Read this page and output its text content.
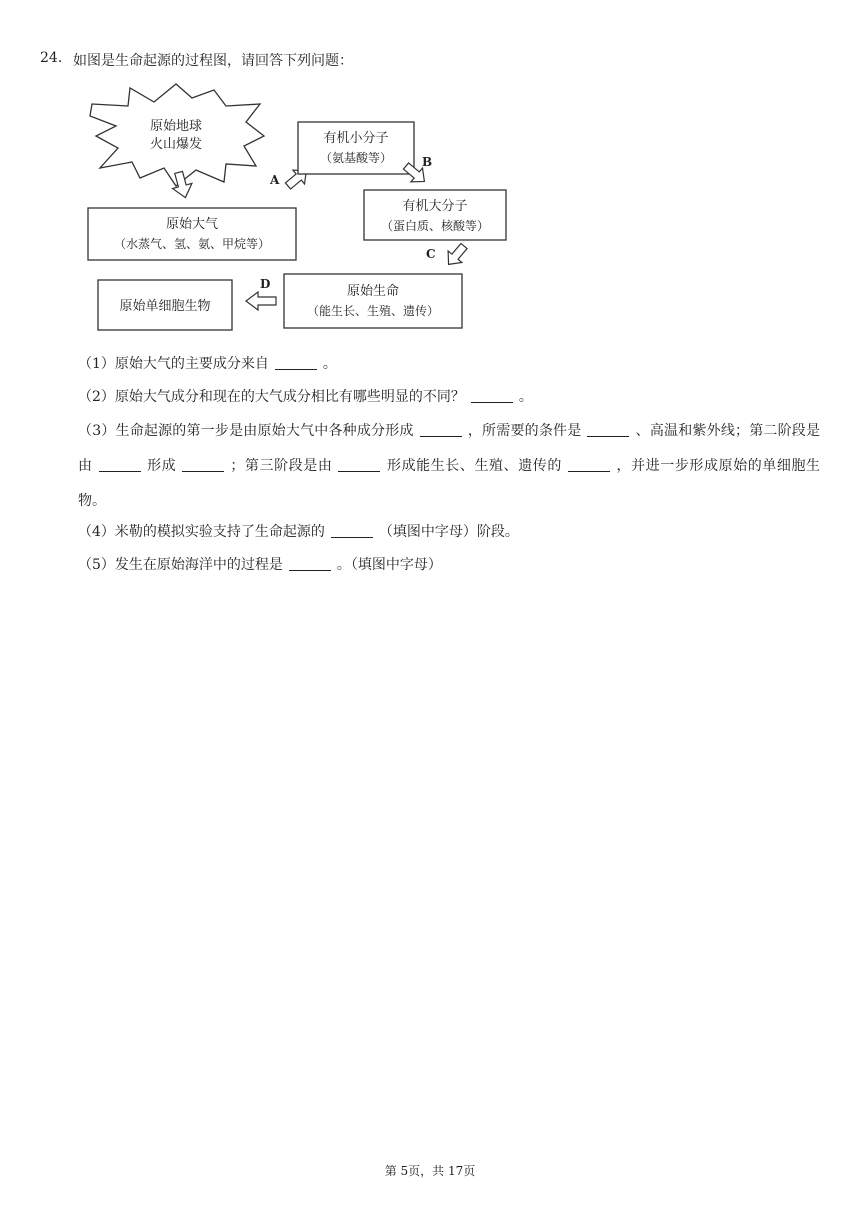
24. 如图是生命起源的过程图，请回答下列问题：
原始地球
火山爆发
原始大气
（水蒸气、氢、氨、甲烷等）
A
有机小分子
（氨基酸等） B
有机大分子
（蛋白质、核酸等）
C
原始生命
（能生长、生殖、遗传）
D
原始单细胞生物
（1）原始大气的主要成分来自	。
（2）原始大气成分和现在的大气成分相比有哪些明显的不同？	。
（3）生命起源的第一步是由原始大气中各种成分形成	，所需要的条件是	、高温和紫外线；第二阶段是由	形成	；第三阶段是由	形成能生长、生殖、遗传的	，并进一步形成原始的单细胞生物。
（4）米勒的模拟实验支持了生命起源的	（填图中字母）阶段。
（5）发生在原始海洋中的过程是	。（填图中字母）
第 5页，共 17页
